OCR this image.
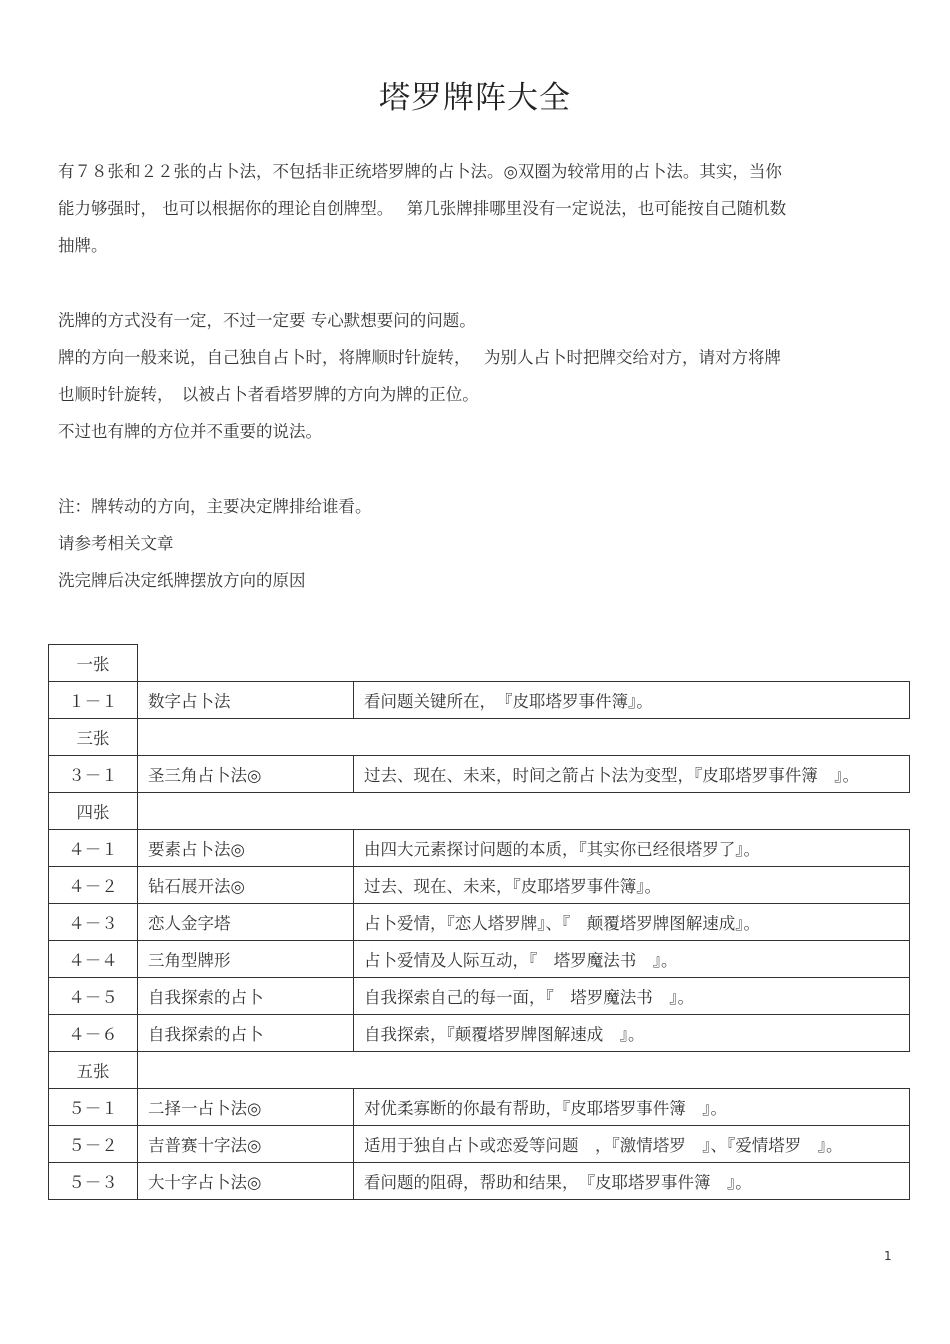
塔罗牌阵大全
有７８张和２２张的占卜法，不包括非正统塔罗牌的占卜法。◎双圈为较常用的占卜法。其实，当你
能力够强时， 也可以根据你的理论自创牌型。　 第几张牌排哪里没有一定说法，也可能按自己随机数
抽牌。
洗牌的方式没有一定，不过一定要 专心默想要问的问题。
牌的方向一般来说，自己独自占卜时，将牌顺时针旋转，　 为别人占卜时把牌交给对方，请对方将牌
也顺时针旋转，　以被占卜者看塔罗牌的方向为牌的正位。
不过也有牌的方位并不重要的说法。
注：牌转动的方向，主要决定牌排给谁看。
请参考相关文章
洗完牌后决定纸牌摆放方向的原因
一张		
１－１	数字占卜法	看问题关键所在，　『皮耶塔罗事件簿』。
三张		
３－１	圣三角占卜法◎	过去、现在、未来，时间之箭占卜法为变型，『皮耶塔罗事件簿　』。
四张		
４－１	要素占卜法◎	由四大元素探讨问题的本质，『其实你已经很塔罗了』。
４－２	钻石展开法◎	过去、现在、未来，『皮耶塔罗事件簿』。
４－３	恋人金字塔	占卜爱情，『恋人塔罗牌』、『　颠覆塔罗牌图解速成』。
４－４	三角型牌形	占卜爱情及人际互动，『　塔罗魔法书　』。
４－５	自我探索的占卜	自我探索自己的每一面，『　塔罗魔法书　』。
４－６	自我探索的占卜	自我探索，『颠覆塔罗牌图解速成　』。
五张		
５－１	二择一占卜法◎	对优柔寡断的你最有帮助，『皮耶塔罗事件簿　』。
５－２	吉普赛十字法◎	适用于独自占卜或恋爱等问题　，『激情塔罗　』、『爱情塔罗　』。
５－３	大十字占卜法◎	看问题的阻碍，帮助和结果，　『皮耶塔罗事件簿　』。
1
